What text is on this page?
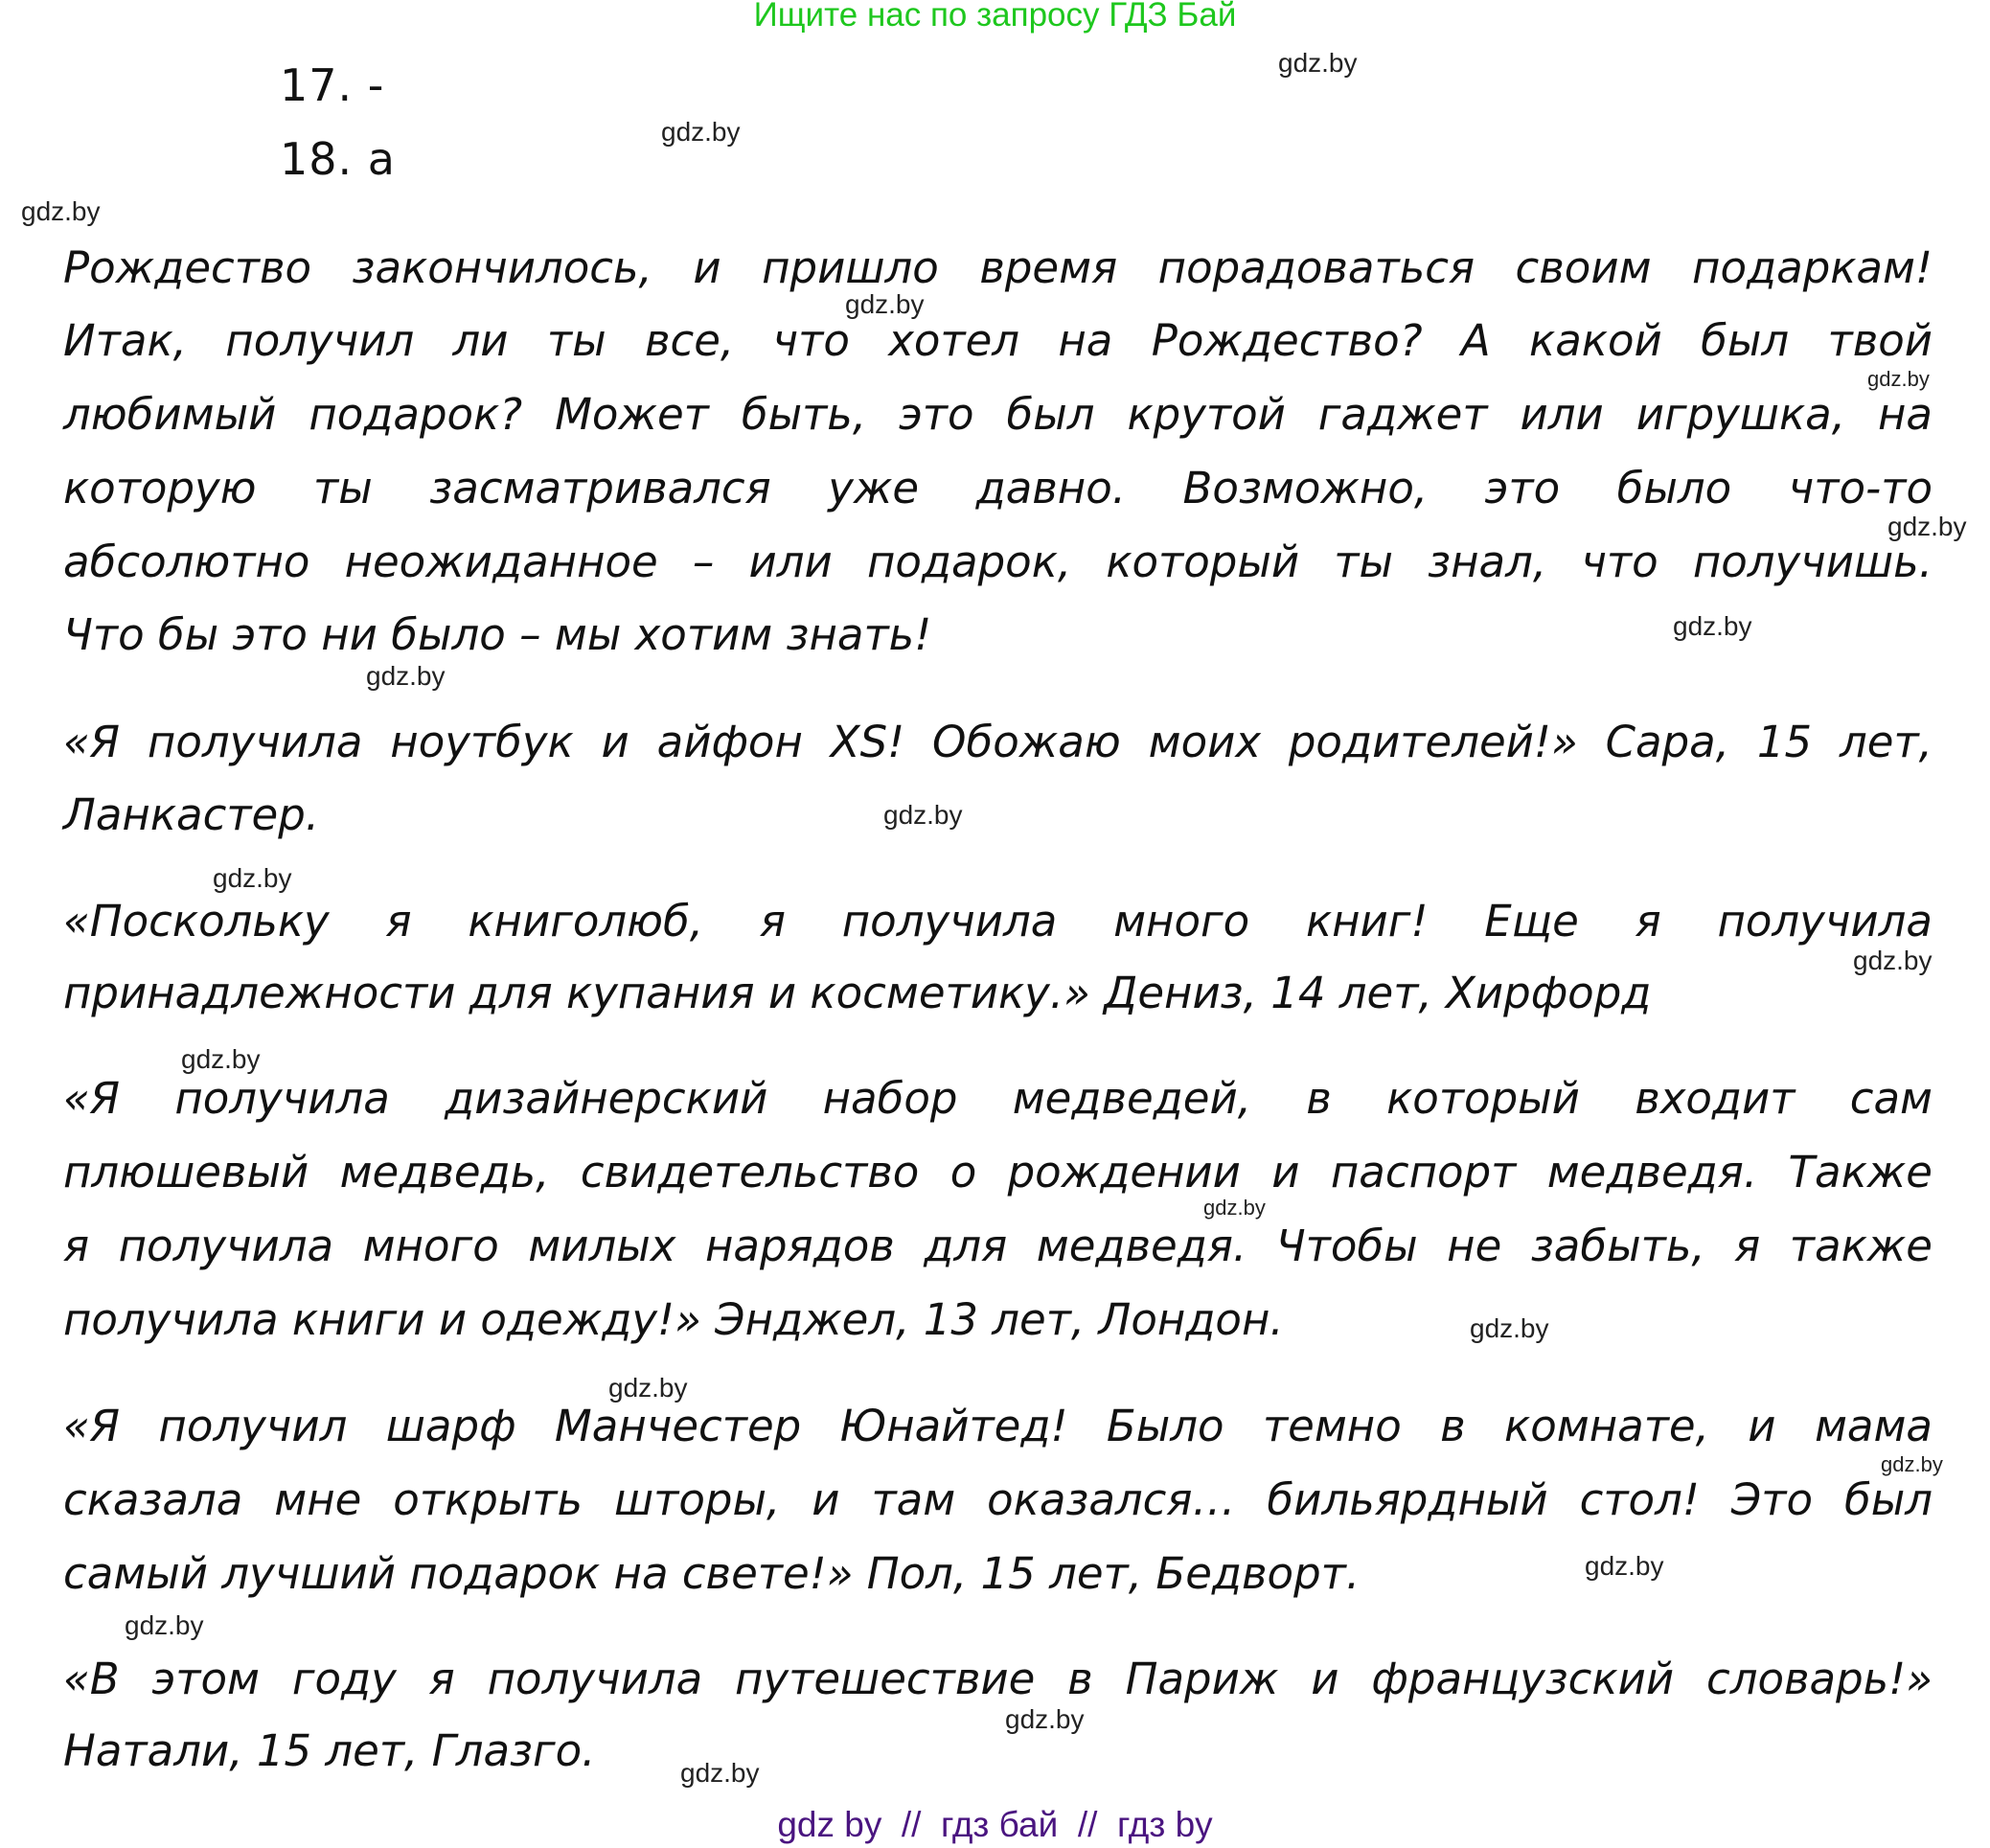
Ищите нас по запросу ГДЗ Бай
17. -
18. a
Рождество закончилось, и пришло время порадоваться своим подаркам!
Итак, получил ли ты все, что хотел на Рождество? А какой был твой
любимый подарок? Может быть, это был крутой гаджет или игрушка, на
которую ты засматривался уже давно. Возможно, это было что-то
абсолютно неожиданное – или подарок, который ты знал, что получишь.
Что бы это ни было – мы хотим знать!
«Я получила ноутбук и айфон XS! Обожаю моих родителей!» Сара, 15 лет,
Ланкастер.
«Поскольку я книголюб, я получила много книг! Еще я получила
принадлежности для купания и косметику.» Дениз, 14 лет, Хирфорд
«Я получила дизайнерский набор медведей, в который входит сам
плюшевый медведь, свидетельство о рождении и паспорт медведя. Также
я получила много милых нарядов для медведя. Чтобы не забыть, я также
получила книги и одежду!» Энджел, 13 лет, Лондон.
«Я получил шарф Манчестер Юнайтед! Было темно в комнате, и мама
сказала мне открыть шторы, и там оказался… бильярдный стол! Это был
самый лучший подарок на свете!» Пол, 15 лет, Бедворт.
«В этом году я получила путешествие в Париж и французский словарь!»
Натали, 15 лет, Глазго.
gdz.by
gdz.by
gdz.by
gdz.by
gdz.by
gdz.by
gdz.by
gdz.by
gdz.by
gdz.by
gdz.by
gdz.by
gdz.by
gdz.by
gdz.by
gdz.by
gdz.by
gdz.by
gdz.by
gdz.by
gdz by  //  гдз бай  //  гдз by
